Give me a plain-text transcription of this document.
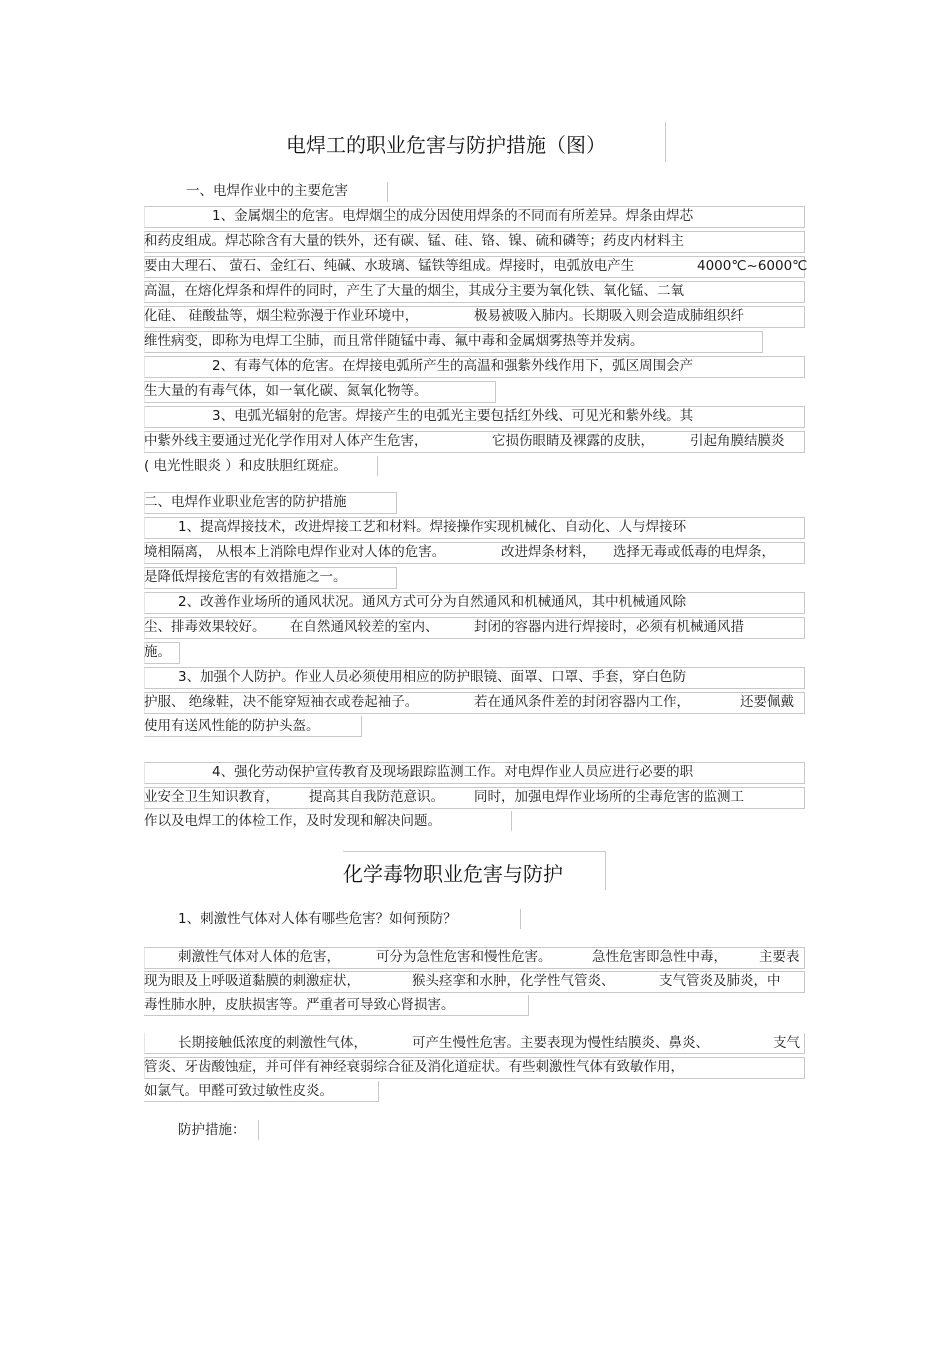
电焊工的职业危害与防护措施（图）
一、电焊作业中的主要危害
1、金属烟尘的危害。电焊烟尘的成分因使用焊条的不同而有所差异。焊条由焊芯
和药皮组成。焊芯除含有大量的铁外，还有碳、锰、硅、铬、镍、硫和磷等；药皮内材料主
要由大理石、 萤石、金红石、纯碱、水玻璃、锰铁等组成。焊接时，电弧放电产生	4000℃~6000℃
高温，在熔化焊条和焊件的同时，产生了大量的烟尘，其成分主要为氧化铁、氧化锰、二氧
化硅、 硅酸盐等，烟尘粒弥漫于作业环境中，	极易被吸入肺内。长期吸入则会造成肺组织纤
维性病变，即称为电焊工尘肺，而且常伴随锰中毒、氟中毒和金属烟雾热等并发病。
2、有毒气体的危害。在焊接电弧所产生的高温和强紫外线作用下，弧区周围会产
生大量的有毒气体，如一氧化碳、氮氧化物等。
3、电弧光辐射的危害。焊接产生的电弧光主要包括红外线、可见光和紫外线。其
中紫外线主要通过光化学作用对人体产生危害，	它损伤眼睛及裸露的皮肤，	引起角膜结膜炎
( 电光性眼炎 ）和皮肤胆红斑症。
二、电焊作业职业危害的防护措施
1、提高焊接技术，改进焊接工艺和材料。焊接操作实现机械化、自动化、人与焊接环
境相隔离， 从根本上消除电焊作业对人体的危害。	改进焊条材料， 选择无毒或低毒的电焊条，
是降低焊接危害的有效措施之一。
2、改善作业场所的通风状况。通风方式可分为自然通风和机械通风，其中机械通风除
尘、排毒效果较好。 在自然通风较差的室内、	封闭的容器内进行焊接时，必须有机械通风措
施。
3、加强个人防护。作业人员必须使用相应的防护眼镜、面罩、口罩、手套，穿白色防
护服、 绝缘鞋，决不能穿短袖衣或卷起袖子。	若在通风条件差的封闭容器内工作，	还要佩戴
使用有送风性能的防护头盔。
4、强化劳动保护宣传教育及现场跟踪监测工作。对电焊作业人员应进行必要的职
业安全卫生知识教育， 提高其自我防范意识。 同时，加强电焊作业场所的尘毒危害的监测工
作以及电焊工的体检工作，及时发现和解决问题。
化学毒物职业危害与防护
1、刺激性气体对人体有哪些危害？如何预防？
刺激性气体对人体的危害，	可分为急性危害和慢性危害。	急性危害即急性中毒， 主要表
现为眼及上呼吸道黏膜的刺激症状，	猴头痉挛和水肿，化学性气管炎、	支气管炎及肺炎，中
毒性肺水肿，皮肤损害等。严重者可导致心肾损害。
长期接触低浓度的刺激性气体，	可产生慢性危害。主要表现为慢性结膜炎、鼻炎、	支气
管炎、牙齿酸蚀症，并可伴有神经衰弱综合征及消化道症状。有些刺激性气体有致敏作用，
如氯气。甲醛可致过敏性皮炎。
防护措施：
